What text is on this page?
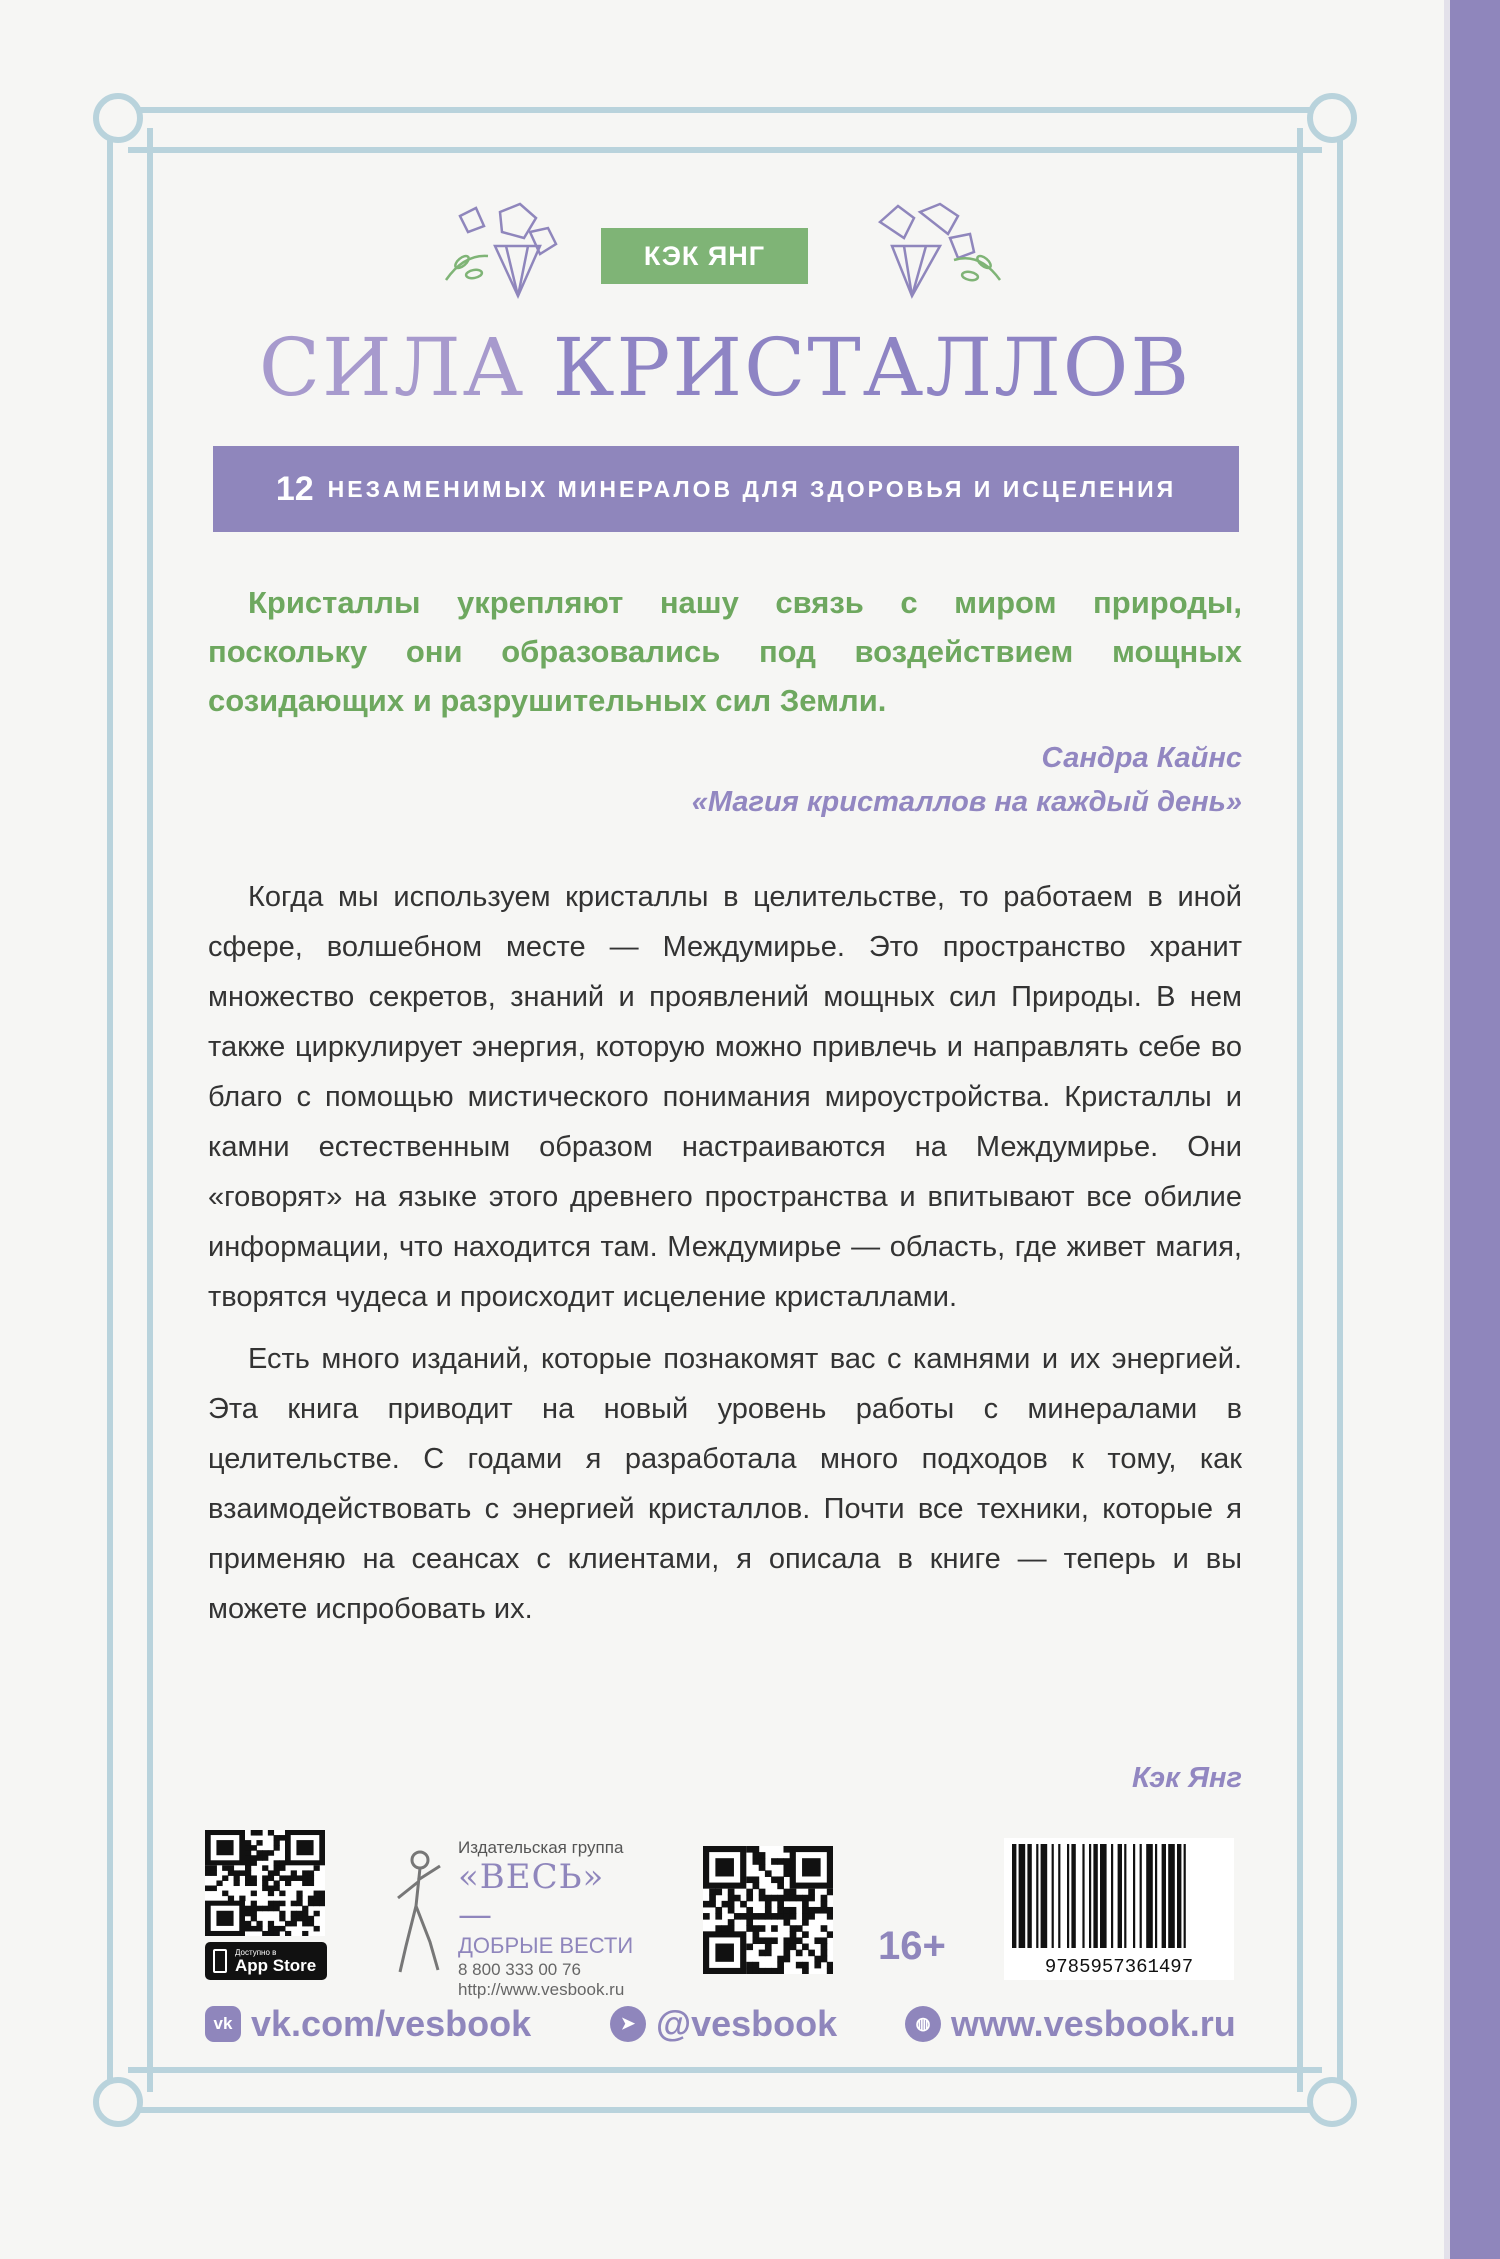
КЭК ЯНГ
СИЛА КРИСТАЛЛОВ
12 НЕЗАМЕНИМЫХ МИНЕРАЛОВ ДЛЯ ЗДОРОВЬЯ И ИСЦЕЛЕНИЯ

Кристаллы укрепляют нашу связь с миром природы, поскольку они образовались под воздействием мощных созидающих и разрушительных сил Земли.

Сандра Кайнс
«Магия кристаллов на каждый день»

Когда мы используем кристаллы в целительстве, то работаем в иной сфере, волшебном месте — Междумирье. Это пространство хранит множество секретов, знаний и проявлений мощных сил Природы. В нем также циркулирует энергия, которую можно привлечь и направлять себе во благо с помощью мистического понимания мироустройства. Кристаллы и камни естественным образом настраиваются на Междумирье. Они «говорят» на языке этого древнего пространства и впитывают все обилие информации, что находится там. Междумирье — область, где живет магия, творятся чудеса и происходит исцеление кристаллами.

Есть много изданий, которые познакомят вас с камнями и их энергией. Эта книга приводит на новый уровень работы с минералами в целительстве. С годами я разработала много подходов к тому, как взаимодействовать с энергией кристаллов. Почти все техники, которые я применяю на сеансах с клиентами, я описала в книге — теперь и вы можете испробовать их.

Кэк Янг
Доступно в
App Store
Издательская группа
«ВЕСЬ» —
ДОБРЫЕ ВЕСТИ
8 800 333 00 76
http://www.vesbook.ru
16+	9785957361497
vk vk.com/vesbook	➤ @vesbook	◍ www.vesbook.ru
